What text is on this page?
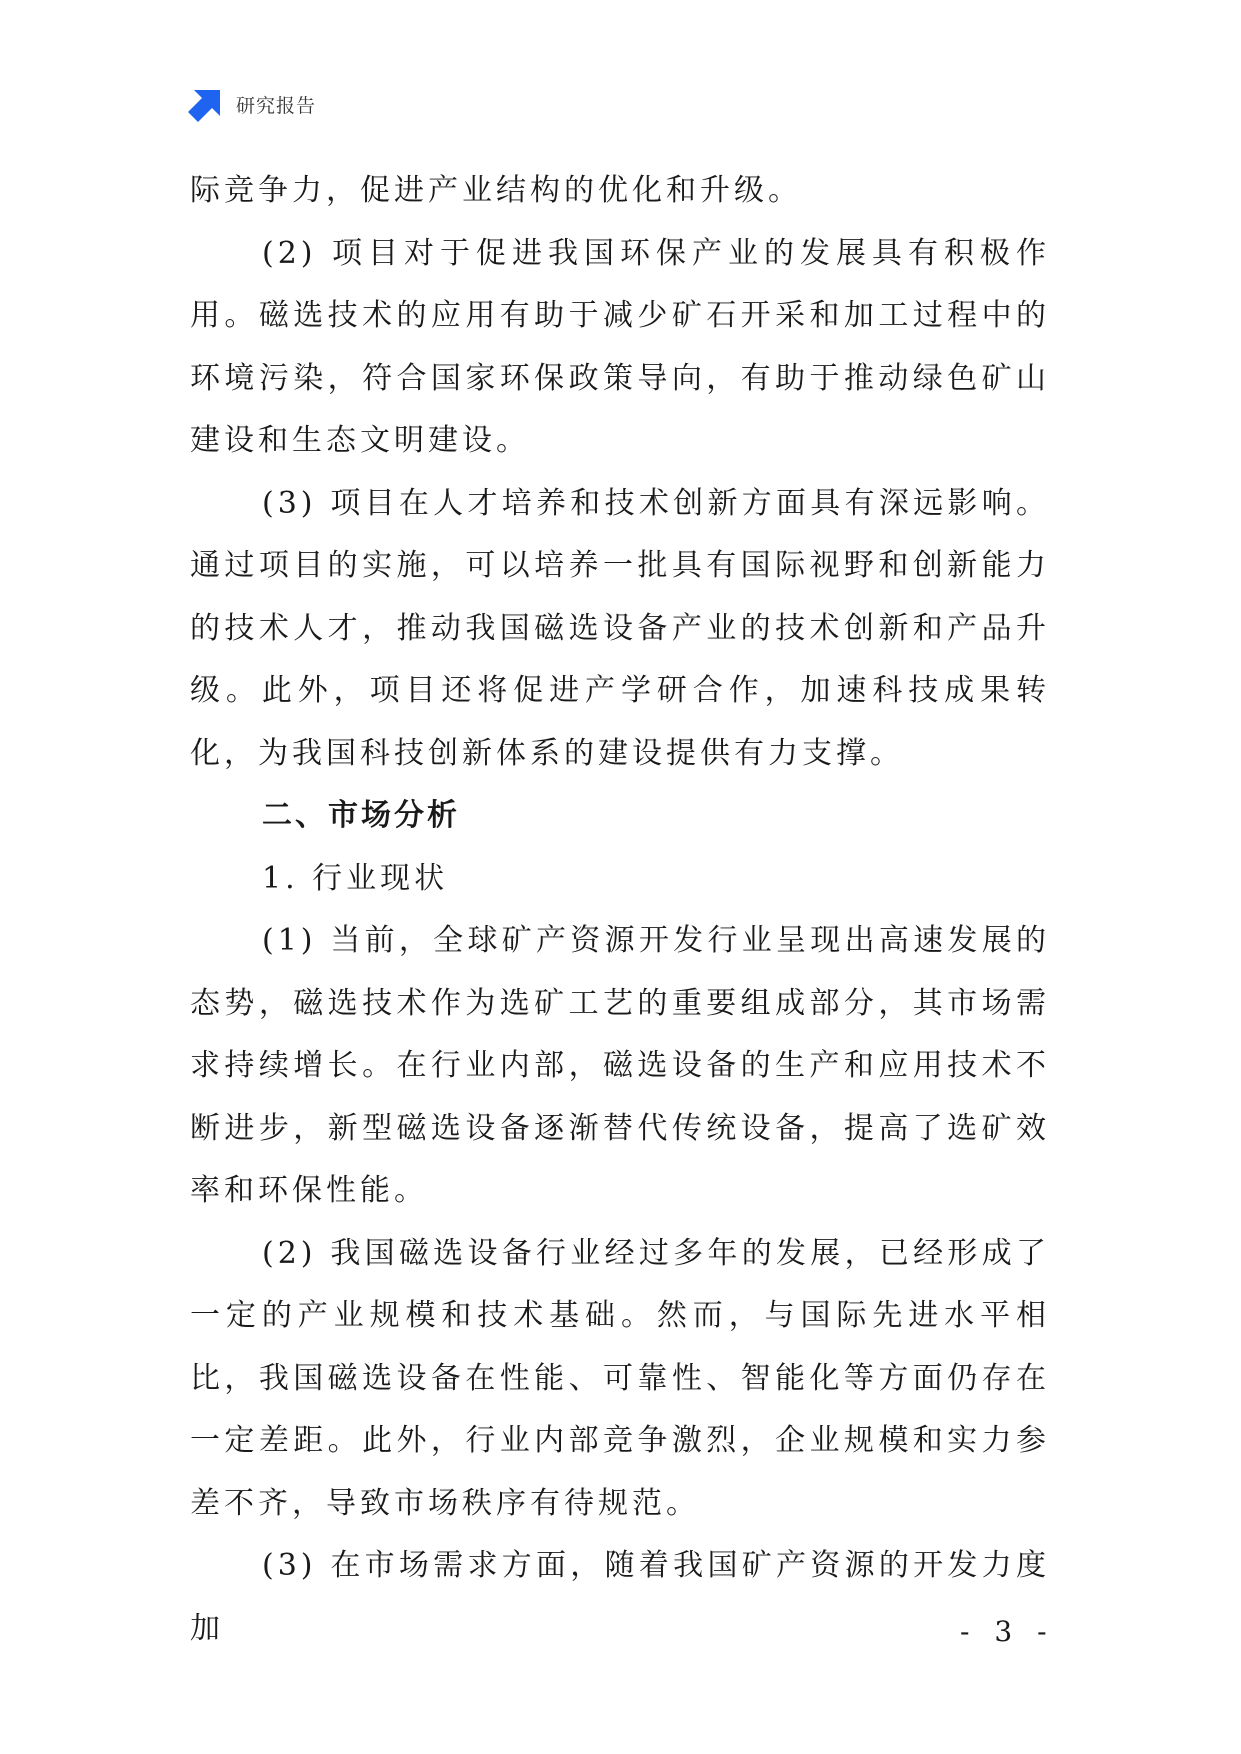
研究报告

际竞争力，促进产业结构的优化和升级。

(2) 项目对于促进我国环保产业的发展具有积极作用。磁选技术的应用有助于减少矿石开采和加工过程中的环境污染，符合国家环保政策导向，有助于推动绿色矿山建设和生态文明建设。

(3) 项目在人才培养和技术创新方面具有深远影响。通过项目的实施，可以培养一批具有国际视野和创新能力的技术人才，推动我国磁选设备产业的技术创新和产品升级。此外，项目还将促进产学研合作，加速科技成果转化，为我国科技创新体系的建设提供有力支撑。

二、市场分析

1. 行业现状

(1) 当前，全球矿产资源开发行业呈现出高速发展的态势，磁选技术作为选矿工艺的重要组成部分，其市场需求持续增长。在行业内部，磁选设备的生产和应用技术不断进步，新型磁选设备逐渐替代传统设备，提高了选矿效率和环保性能。

(2) 我国磁选设备行业经过多年的发展，已经形成了一定的产业规模和技术基础。然而，与国际先进水平相比，我国磁选设备在性能、可靠性、智能化等方面仍存在一定差距。此外，行业内部竞争激烈，企业规模和实力参差不齐，导致市场秩序有待规范。

(3) 在市场需求方面，随着我国矿产资源的开发力度加	- 3 -
